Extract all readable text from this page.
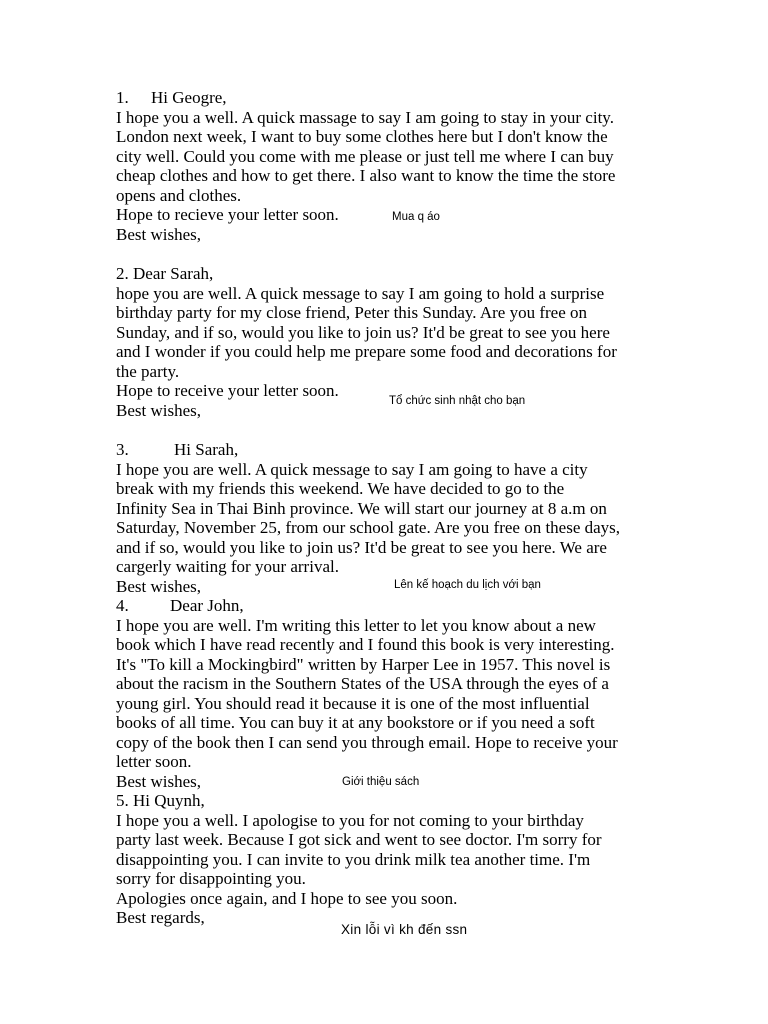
1. Hi Geogre,
I hope you a well. A quick massage to say I am going to stay in your city.
London next week, I want to buy some clothes here but I don't know the
city well. Could you come with me please or just tell me where I can buy
cheap clothes and how to get there. I also want to know the time the store
opens and clothes.
Hope to recieve your letter soon.
Best wishes,
Mua q áo
2. Dear Sarah,
hope you are well. A quick message to say I am going to hold a surprise
birthday party for my close friend, Peter this Sunday. Are you free on
Sunday, and if so, would you like to join us? It'd be great to see you here
and I wonder if you could help me prepare some food and decorations for
the party.
Hope to receive your letter soon.
Best wishes,	Tổ chức sinh nhật cho bạn
3.	Hi Sarah,
I hope you are well. A quick message to say I am going to have a city
break with my friends this weekend. We have decided to go to the
Infinity Sea in Thai Binh province. We will start our journey at 8 a.m on
Saturday, November 25, from our school gate. Are you free on these days,
and if so, would you like to join us? It'd be great to see you here. We are
cargerly waiting for your arrival.
Best wishes,	Lên kế hoạch du lịch với bạn
4. Dear John,
I hope you are well. I'm writing this letter to let you know about a new
book which I have read recently and I found this book is very interesting.
It's "To kill a Mockingbird" written by Harper Lee in 1957. This novel is
about the racism in the Southern States of the USA through the eyes of a
young girl. You should read it because it is one of the most influential
books of all time. You can buy it at any bookstore or if you need a soft
copy of the book then I can send you through email. Hope to receive your
letter soon.
Best wishes,	Giới thiệu sách
5. Hi Quynh,
I hope you a well. I apologise to you for not coming to your birthday
party last week. Because I got sick and went to see doctor. I'm sorry for
disappointing you. I can invite to you drink milk tea another time. I'm
sorry for disappointing you.
Apologies once again, and I hope to see you soon.
Best regards,
Xin lỗi vì kh đến ssn
